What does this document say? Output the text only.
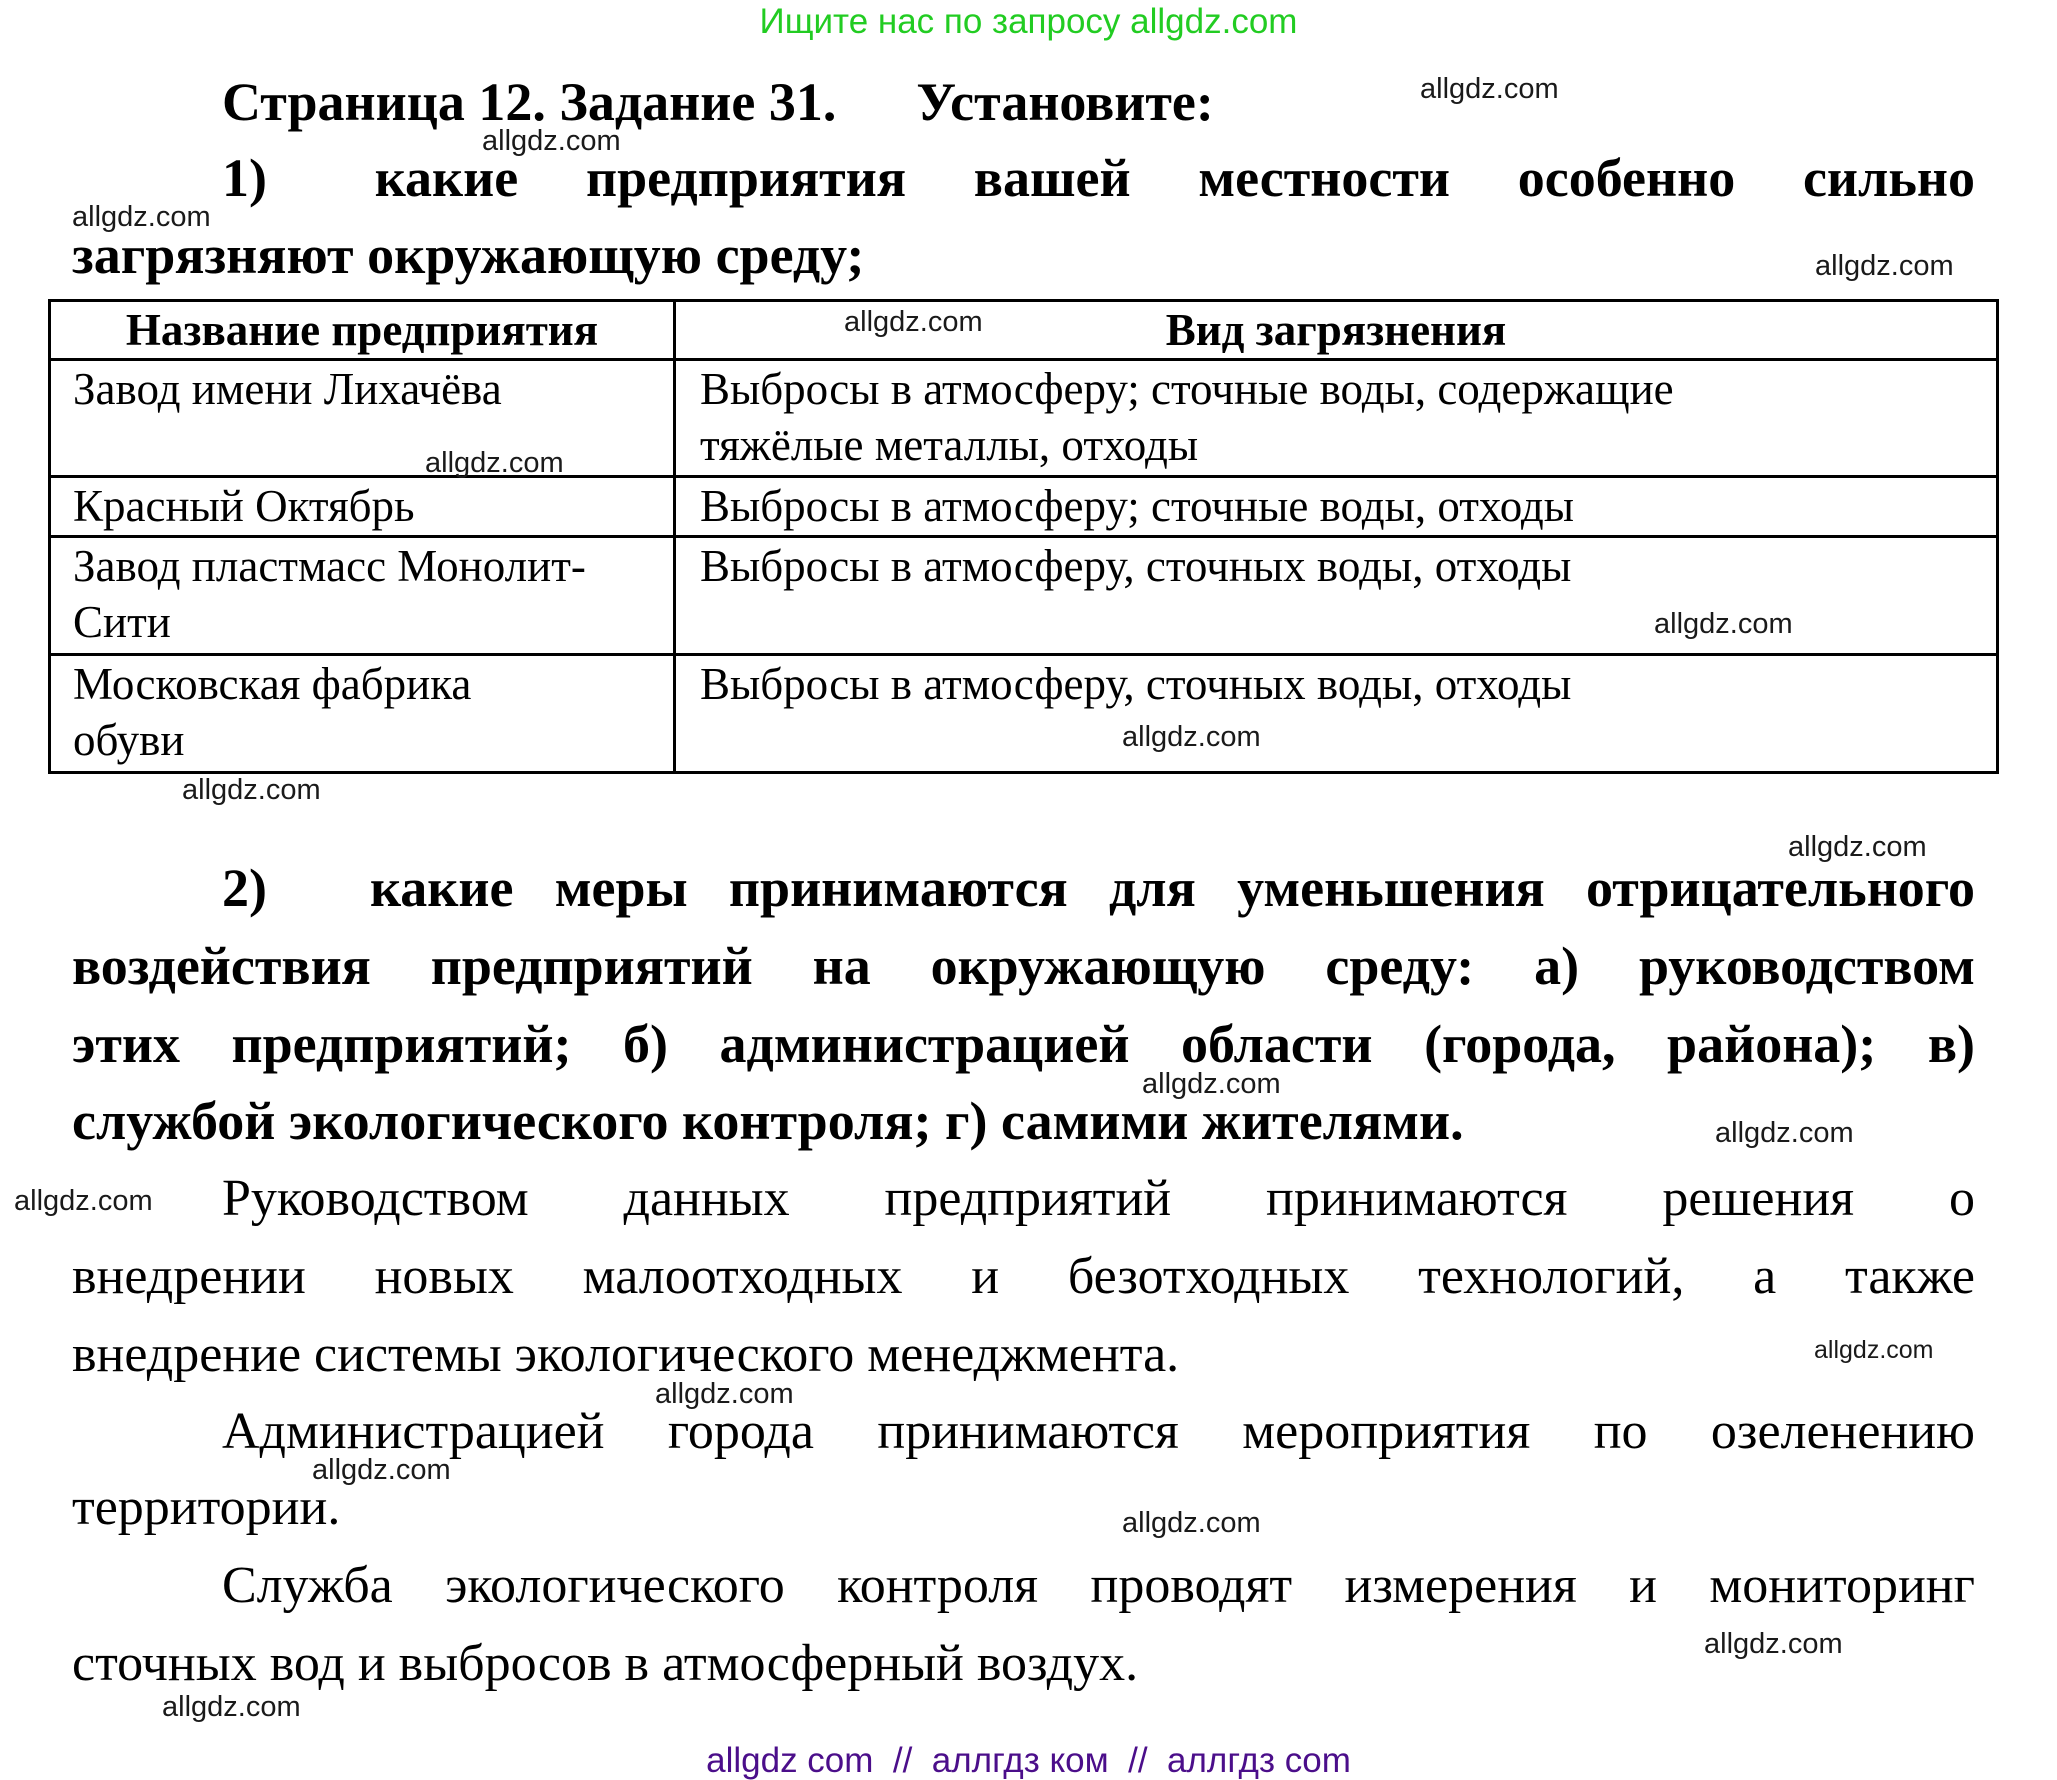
Ищите нас по запросу allgdz.com
Страница 12. Задание 31. Установите:
1) какие предприятия вашей местности особенно сильно
загрязняют окружающую среду;
Название предприятия	Вид загрязнения

Завод имени Лихачёва	Выбросы в атмосферу; сточные воды, содержащие
тяжёлые металлы, отходы

Красный Октябрь	Выбросы в атмосферу; сточные воды, отходы

Завод пластмасс Монолит-
Сити	Выбросы в атмосферу, сточных воды, отходы

Московская фабрика
обуви	Выбросы в атмосферу, сточных воды, отходы
2) какие меры принимаются для уменьшения отрицательного
воздействия предприятий на окружающую среду: а) руководством
этих предприятий; б) администрацией области (города, района); в)
службой экологического контроля; г) самими жителями.
Руководством данных предприятий принимаются решения о
внедрении новых малоотходных и безотходных технологий, а также
внедрение системы экологического менеджмента.
Администрацией города принимаются мероприятия по озеленению
территории.
Служба экологического контроля проводят измерения и мониторинг
сточных вод и выбросов в атмосферный воздух.
allgdz.com
allgdz.com
allgdz.com
allgdz.com
allgdz.com
allgdz.com
allgdz.com
allgdz.com
allgdz.com
allgdz.com
allgdz.com
allgdz.com
allgdz.com
allgdz.com
allgdz.com
allgdz.com
allgdz.com
allgdz.com
allgdz.com
allgdz com  //  аллгдз ком  //  аллгдз com
